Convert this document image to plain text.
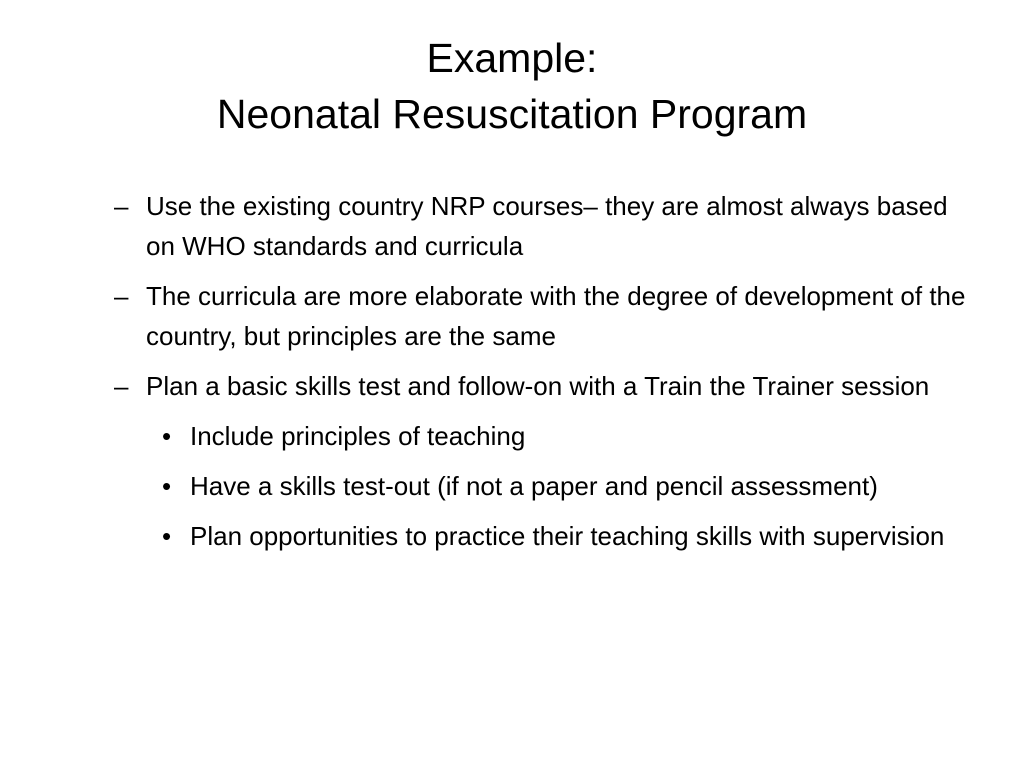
Example:
Neonatal Resuscitation Program
– Use the existing country NRP courses– they are almost always based on WHO standards and curricula
– The curricula are more elaborate with the degree of development of the country, but principles are the same
– Plan a basic skills test and follow-on with a Train the Trainer session
• Include principles of teaching
• Have a skills test-out (if not a paper and pencil assessment)
• Plan opportunities to practice their teaching skills with supervision
